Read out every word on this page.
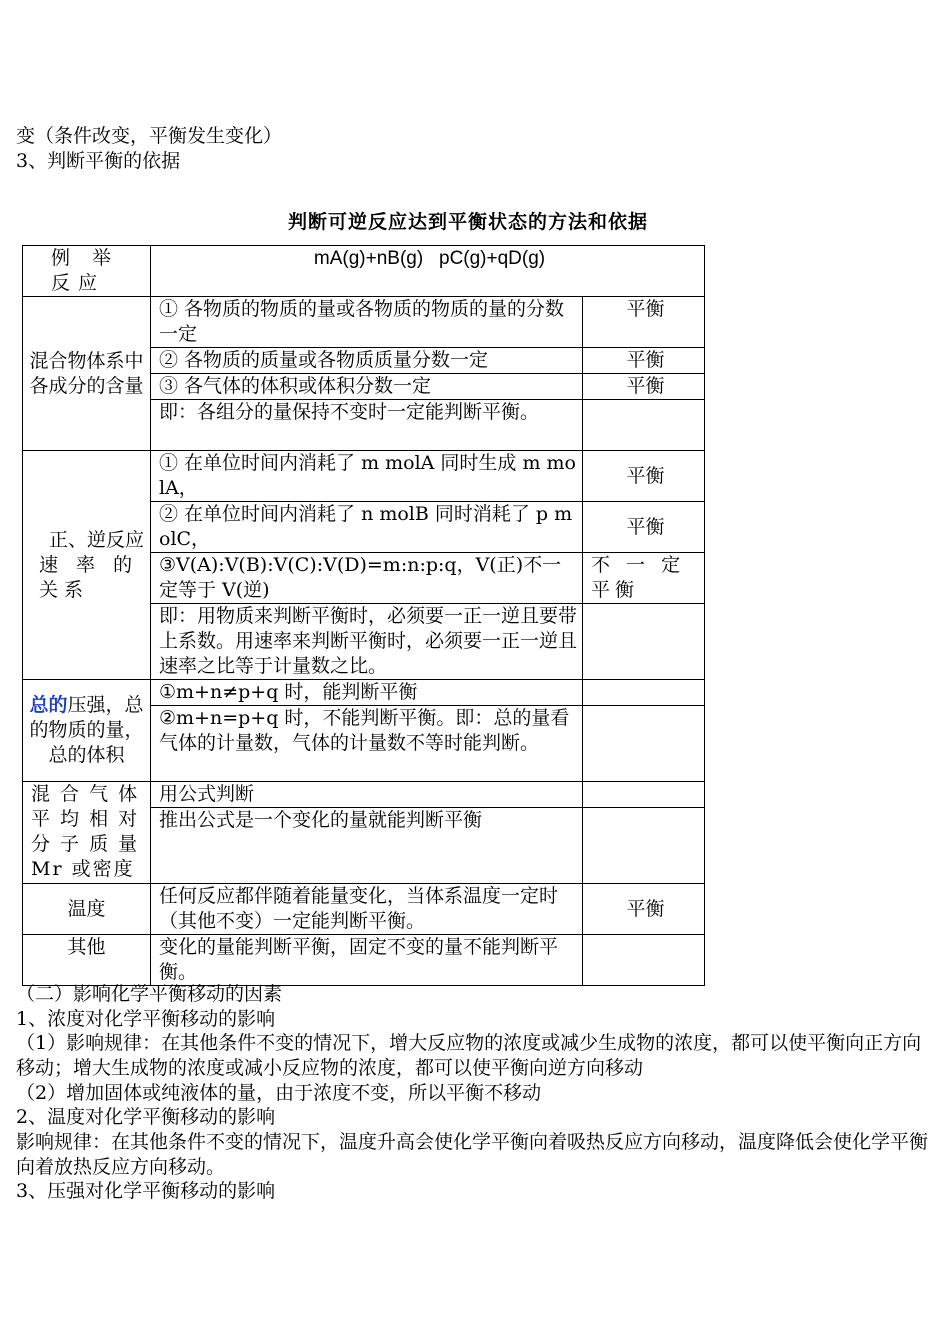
变（条件改变，平衡发生变化）
3、判断平衡的依据
判断可逆反应达到平衡状态的方法和依据
例 举 反应	mA(g)+nB(g)   pC(g)+qD(g)	
混合物体系中各成分的含量	① 各物质的物质的量或各物质的物质的量的分数一定	平衡
	② 各物质的质量或各物质质量分数一定	平衡
	③ 各气体的体积或体积分数一定	平衡
	即：各组分的量保持不变时一定能判断平衡。	

正、逆反应
速 率 的关系	① 在单位时间内消耗了 m molA 同时生成 m molA，	平衡
	② 在单位时间内消耗了 n molB 同时消耗了 p molC，	平衡
	③V(A):V(B):V(C):V(D)=m:n:p:q，V(正)不一定等于 V(逆)	不 一 定 平衡
	即：用物质来判断平衡时，必须要一正一逆且要带上系数。用速率来判断平衡时，必须要一正一逆且速率之比等于计量数之比。	
总的压强，总的物质的量，总的体积	①m+n≠p+q 时，能判断平衡	
	②m+n=p+q 时，不能判断平衡。即：总的量看气体的计量数，气体的计量数不等时能判断。	
混 合 气 体平 均 相 对分 子 质 量Mr 或密度	用公式判断	
	推出公式是一个变化的量就能判断平衡	
温度	任何反应都伴随着能量变化，当体系温度一定时（其他不变）一定能判断平衡。	平衡
其他	变化的量能判断平衡，固定不变的量不能判断平衡。	
（二）影响化学平衡移动的因素
1、浓度对化学平衡移动的影响
（1）影响规律：在其他条件不变的情况下，增大反应物的浓度或减少生成物的浓度，都可以使平衡向正方向移动；增大生成物的浓度或减小反应物的浓度，都可以使平衡向逆方向移动
（2）增加固体或纯液体的量，由于浓度不变，所以平衡不移动
2、温度对化学平衡移动的影响
影响规律：在其他条件不变的情况下，温度升高会使化学平衡向着吸热反应方向移动，温度降低会使化学平衡向着放热反应方向移动。
3、压强对化学平衡移动的影响
